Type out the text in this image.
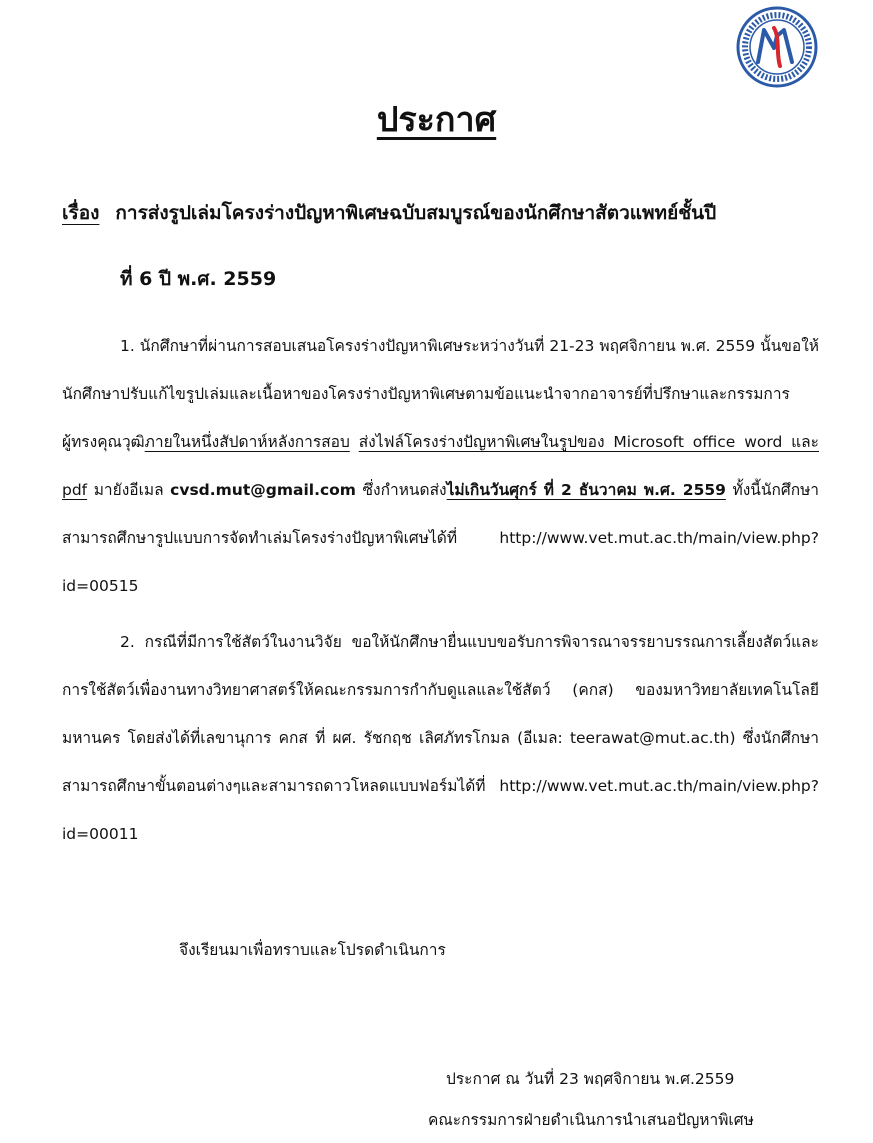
ประกาศ
เรื่อง การส่งรูปเล่มโครงร่างปัญหาพิเศษฉบับสมบูรณ์ของนักศึกษาสัตวแพทย์ชั้นปี
ที่ 6 ปี พ.ศ. 2559

1. นักศึกษาที่ผ่านการสอบเสนอโครงร่างปัญหาพิเศษระหว่างวันที่ 21-23 พฤศจิกายน พ.ศ. 2559 นั้นขอให้นักศึกษาปรับแก้ไขรูปเล่มและเนื้อหาของโครงร่างปัญหาพิเศษตามข้อแนะนำจากอาจารย์ที่ปรึกษาและกรรมการผู้ทรงคุณวุฒิภายในหนึ่งสัปดาห์หลังการสอบ ส่งไฟล์โครงร่างปัญหาพิเศษในรูปของ Microsoft office word และ pdf มายังอีเมล cvsd.mut@gmail.com ซึ่งกำหนดส่งไม่เกินวันศุกร์ ที่ 2 ธันวาคม พ.ศ. 2559 ทั้งนี้นักศึกษาสามารถศึกษารูปแบบการจัดทำเล่มโครงร่างปัญหาพิเศษได้ที่ http://www.vet.mut.ac.th/main/view.php?id=00515

2. กรณีที่มีการใช้สัตว์ในงานวิจัย ขอให้นักศึกษายื่นแบบขอรับการพิจารณาจรรยาบรรณการเลี้ยงสัตว์และการใช้สัตว์เพื่องานทางวิทยาศาสตร์ให้คณะกรรมการกำกับดูแลและใช้สัตว์ (คกส) ของมหาวิทยาลัยเทคโนโลยีมหานคร โดยส่งได้ที่เลขานุการ คกส ที่ ผศ. รัชกฤช เลิศภัทรโกมล (อีเมล: teerawat@mut.ac.th) ซึ่งนักศึกษาสามารถศึกษาขั้นตอนต่างๆและสามารถดาวโหลดแบบฟอร์มได้ที่ http://www.vet.mut.ac.th/main/view.php?id=00011

จึงเรียนมาเพื่อทราบและโปรดดำเนินการ
ประกาศ ณ วันที่ 23 พฤศจิกายน พ.ศ.2559
คณะกรรมการฝ่ายดำเนินการนำเสนอปัญหาพิเศษ
